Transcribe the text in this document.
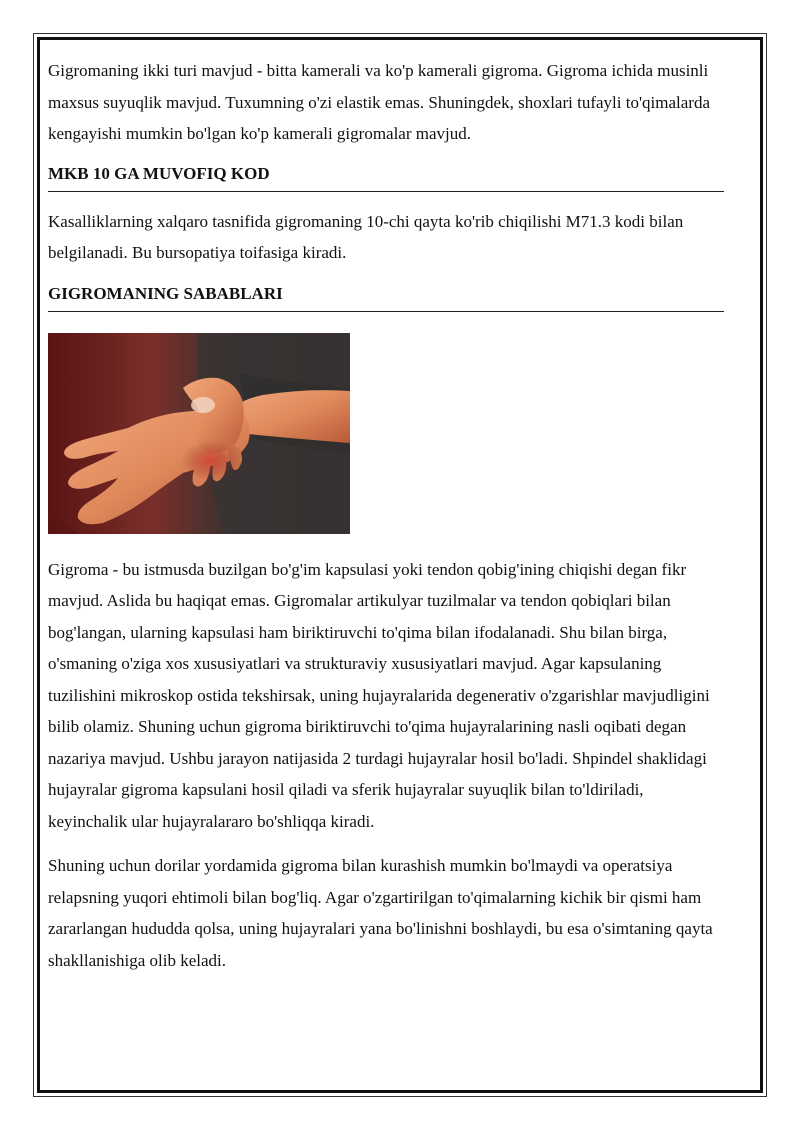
Gigromaning ikki turi mavjud - bitta kamerali va ko'p kamerali gigroma. Gigroma ichida musinli maxsus suyuqlik mavjud. Tuxumning o'zi elastik emas. Shuningdek, shoxlari tufayli to'qimalarda kengayishi mumkin bo'lgan ko'p kamerali gigromalar mavjud.

MKB 10 GA MUVOFIQ KOD

Kasalliklarning xalqaro tasnifida gigromaning 10-chi qayta ko'rib chiqilishi M71.3 kodi bilan belgilanadi. Bu bursopatiya toifasiga kiradi.

GIGROMANING SABABLARI

Gigroma - bu istmusda buzilgan bo'g'im kapsulasi yoki tendon qobig'ining chiqishi degan fikr mavjud. Aslida bu haqiqat emas. Gigromalar artikulyar tuzilmalar va tendon qobiqlari bilan bog'langan, ularning kapsulasi ham biriktiruvchi to'qima bilan ifodalanadi. Shu bilan birga, o'smaning o'ziga xos xususiyatlari va strukturaviy xususiyatlari mavjud. Agar kapsulaning tuzilishini mikroskop ostida tekshirsak, uning hujayralarida degenerativ o'zgarishlar mavjudligini bilib olamiz. Shuning uchun gigroma biriktiruvchi to'qima hujayralarining nasli oqibati degan nazariya mavjud. Ushbu jarayon natijasida 2 turdagi hujayralar hosil bo'ladi. Shpindel shaklidagi hujayralar gigroma kapsulani hosil qiladi va sferik hujayralar suyuqlik bilan to'ldiriladi, keyinchalik ular hujayralararo bo'shliqqa kiradi.

Shuning uchun dorilar yordamida gigroma bilan kurashish mumkin bo'lmaydi va operatsiya relapsning yuqori ehtimoli bilan bog'liq. Agar o'zgartirilgan to'qimalarning kichik bir qismi ham zararlangan hududda qolsa, uning hujayralari yana bo'linishni boshlaydi, bu esa o'simtaning qayta shakllanishiga olib keladi.
